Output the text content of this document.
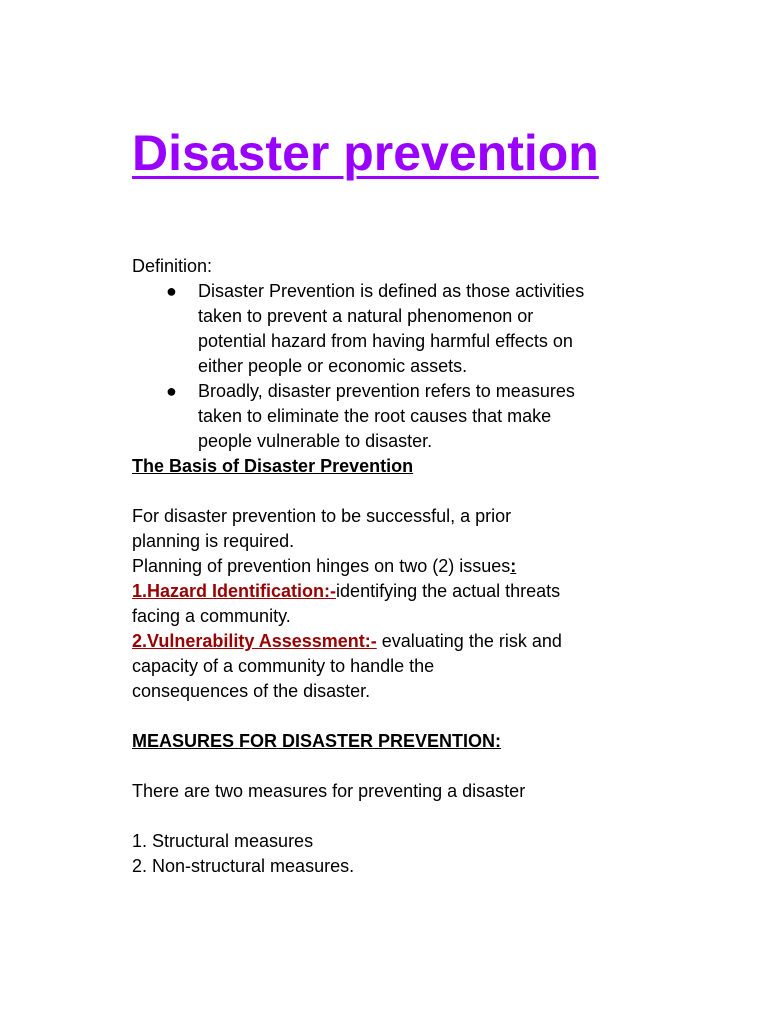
Disaster prevention
Definition:
● Disaster Prevention is defined as those activities
taken to prevent a natural phenomenon or
potential hazard from having harmful effects on
either people or economic assets.
● Broadly, disaster prevention refers to measures
taken to eliminate the root causes that make
people vulnerable to disaster.
The Basis of Disaster Prevention
For disaster prevention to be successful, a prior
planning is required.
Planning of prevention hinges on two (2) issues:
1.Hazard Identification:-identifying the actual threats
facing a community.
2.Vulnerability Assessment:- evaluating the risk and
capacity of a community to handle the
consequences of the disaster.
MEASURES FOR DISASTER PREVENTION:
There are two measures for preventing a disaster
1. Structural measures
2. Non-structural measures.
